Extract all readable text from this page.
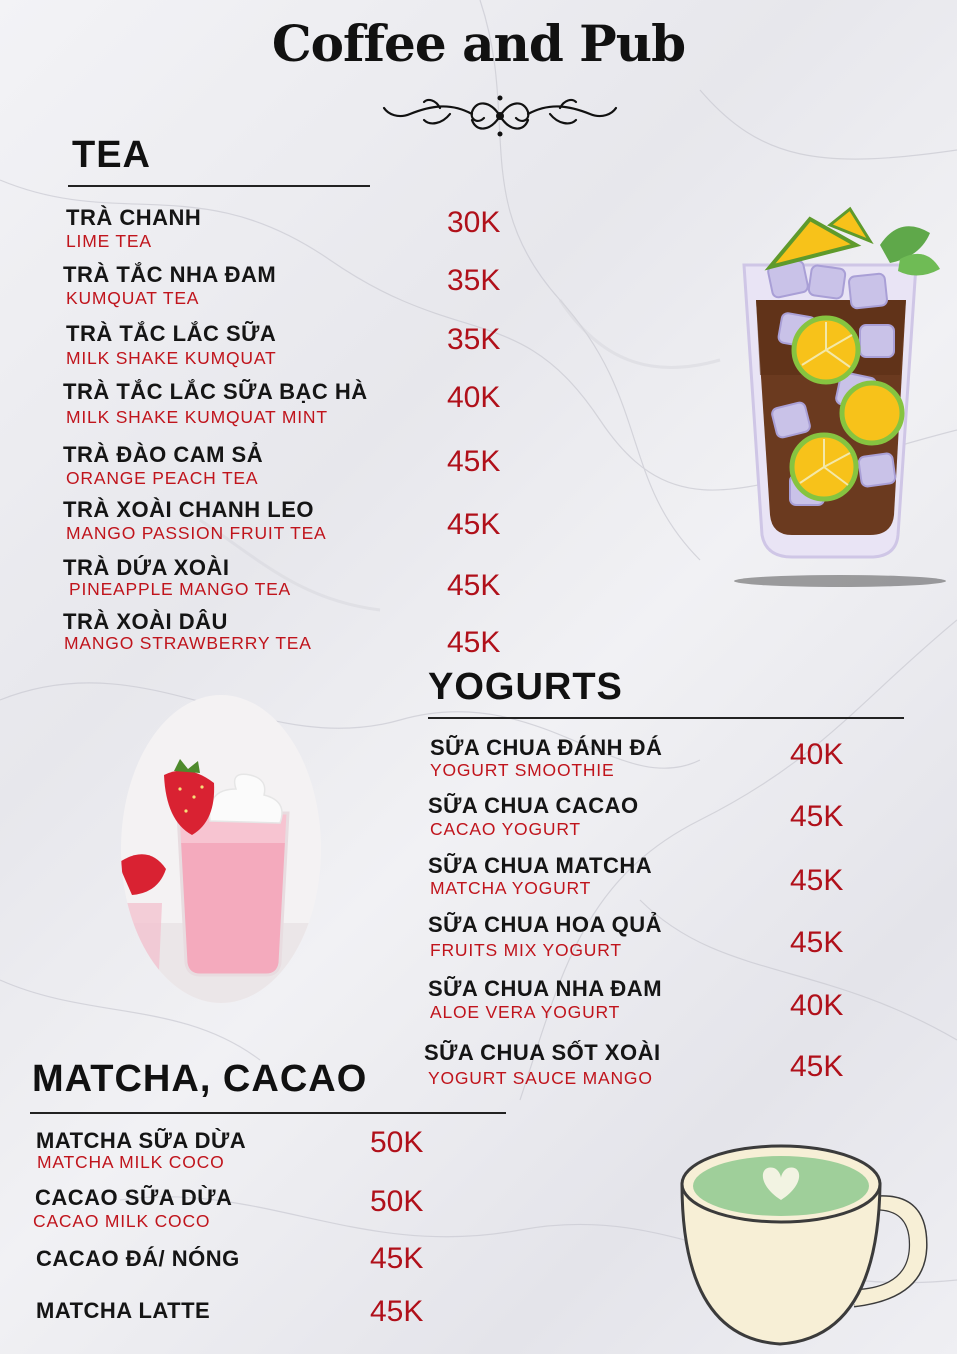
Coffee and Pub
TEA
TRÀ CHANH
LIME TEA
30K
TRÀ TẮC NHA ĐAM
KUMQUAT TEA
35K
TRÀ TẮC LẮC SỮA
MILK SHAKE KUMQUAT
35K
TRÀ TẮC LẮC SỮA BẠC HÀ
MILK SHAKE KUMQUAT MINT
40K
TRÀ ĐÀO CAM SẢ
ORANGE PEACH TEA	45K
TRÀ XOÀI CHANH LEO
MANGO PASSION FRUIT TEA	45K
TRÀ DỨA XOÀI
PINEAPPLE MANGO TEA	45K
TRÀ XOÀI DÂU
MANGO STRAWBERRY TEA	45K
YOGURTS
SỮA CHUA ĐÁNH ĐÁ
YOGURT SMOOTHIE	40K
SỮA CHUA CACAO
CACAO YOGURT	45K
SỮA CHUA MATCHA
MATCHA YOGURT	45K
SỮA CHUA HOA QUẢ
FRUITS MIX YOGURT	45K
SỮA CHUA NHA ĐAM
ALOE VERA YOGURT	40K
SỮA CHUA SỐT XOÀI
YOGURT SAUCE MANGO	45K
MATCHA, CACAO
MATCHA SỮA DỪA
MATCHA MILK COCO
50K
CACAO SỮA DỪA
CACAO MILK COCO
50K
CACAO ĐÁ/ NÓNG	45K
MATCHA LATTE	45K
